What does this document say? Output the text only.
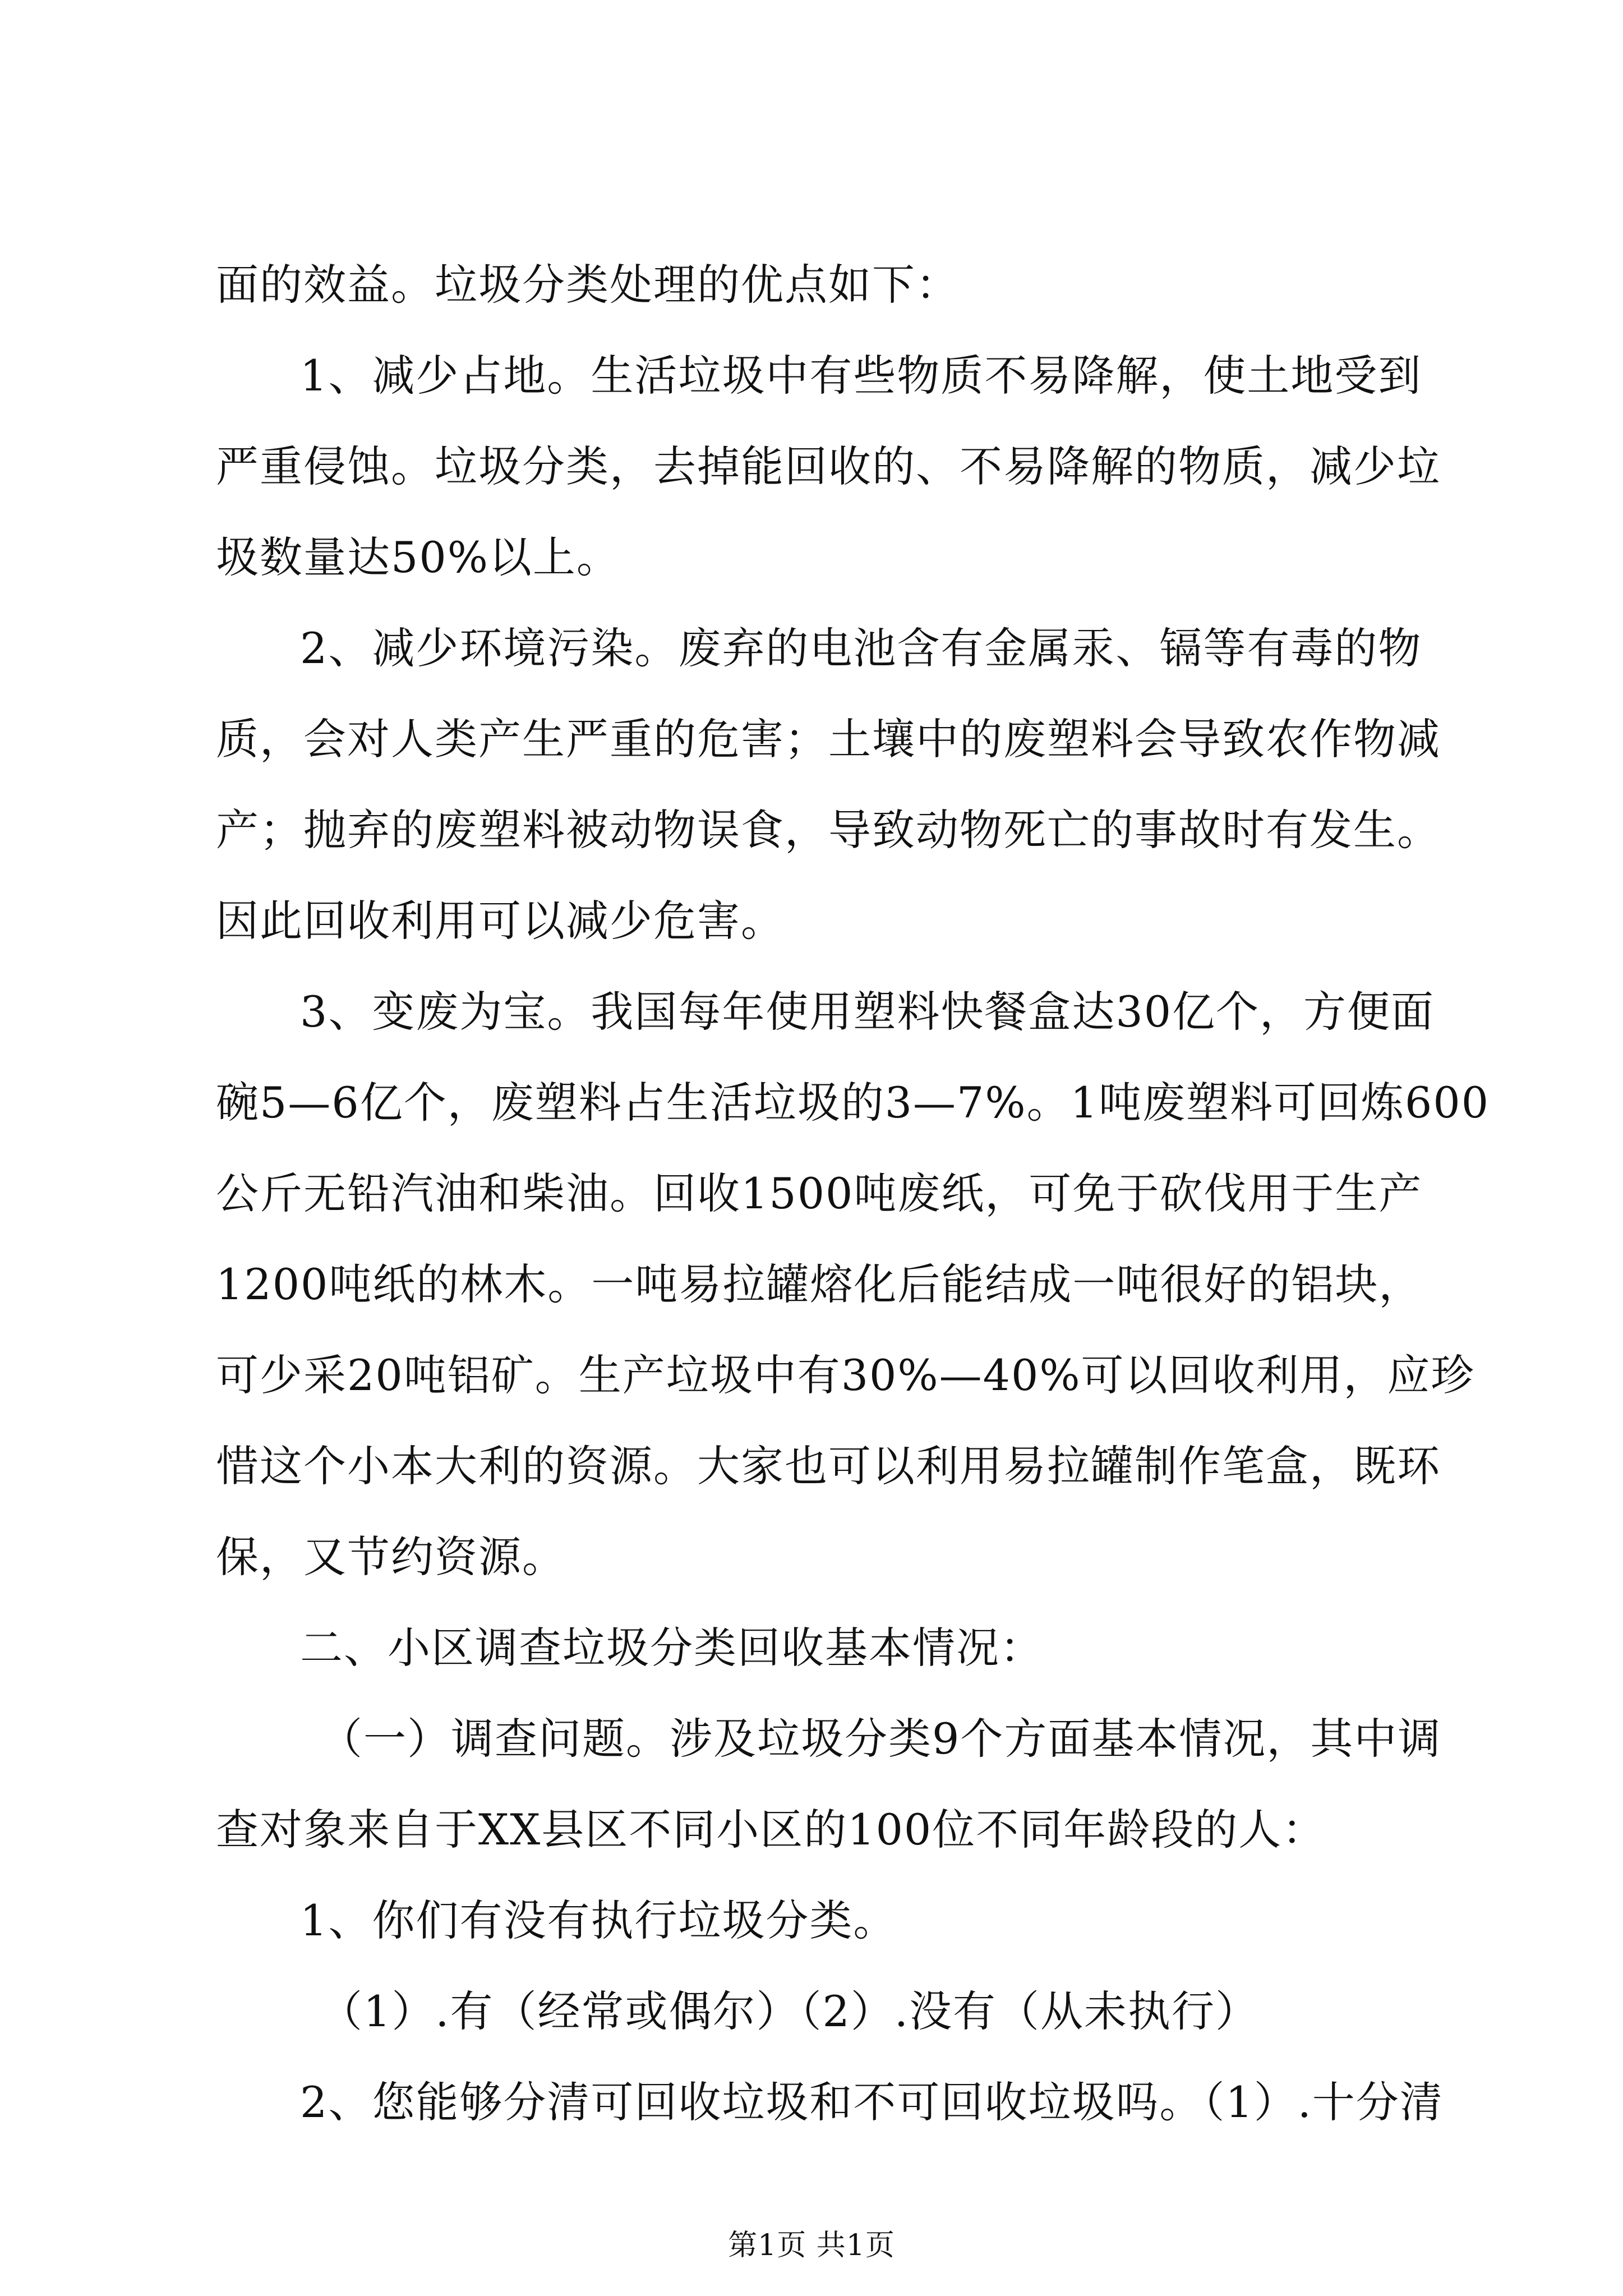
面的效益。垃圾分类处理的优点如下：
1、减少占地。生活垃圾中有些物质不易降解，使土地受到
严重侵蚀。垃圾分类，去掉能回收的、不易降解的物质，减少垃
圾数量达50%以上。
2、减少环境污染。废弃的电池含有金属汞、镉等有毒的物
质，会对人类产生严重的危害；土壤中的废塑料会导致农作物减
产；抛弃的废塑料被动物误食，导致动物死亡的事故时有发生。
因此回收利用可以减少危害。
3、变废为宝。我国每年使用塑料快餐盒达30亿个，方便面
碗5—6亿个，废塑料占生活垃圾的3—7%。1吨废塑料可回炼600
公斤无铅汽油和柴油。回收1500吨废纸，可免于砍伐用于生产
1200吨纸的林木。一吨易拉罐熔化后能结成一吨很好的铝块，
可少采20吨铝矿。生产垃圾中有30%—40%可以回收利用，应珍
惜这个小本大利的资源。大家也可以利用易拉罐制作笔盒，既环
保，又节约资源。
二、小区调查垃圾分类回收基本情况：
（一）调查问题。涉及垃圾分类9个方面基本情况，其中调
查对象来自于XX县区不同小区的100位不同年龄段的人：
1、你们有没有执行垃圾分类。
（1）.有（经常或偶尔）（2）.没有（从未执行）
第1页 共1页
2、您能够分清可回收垃圾和不可回收垃圾吗。（1）.十分清
